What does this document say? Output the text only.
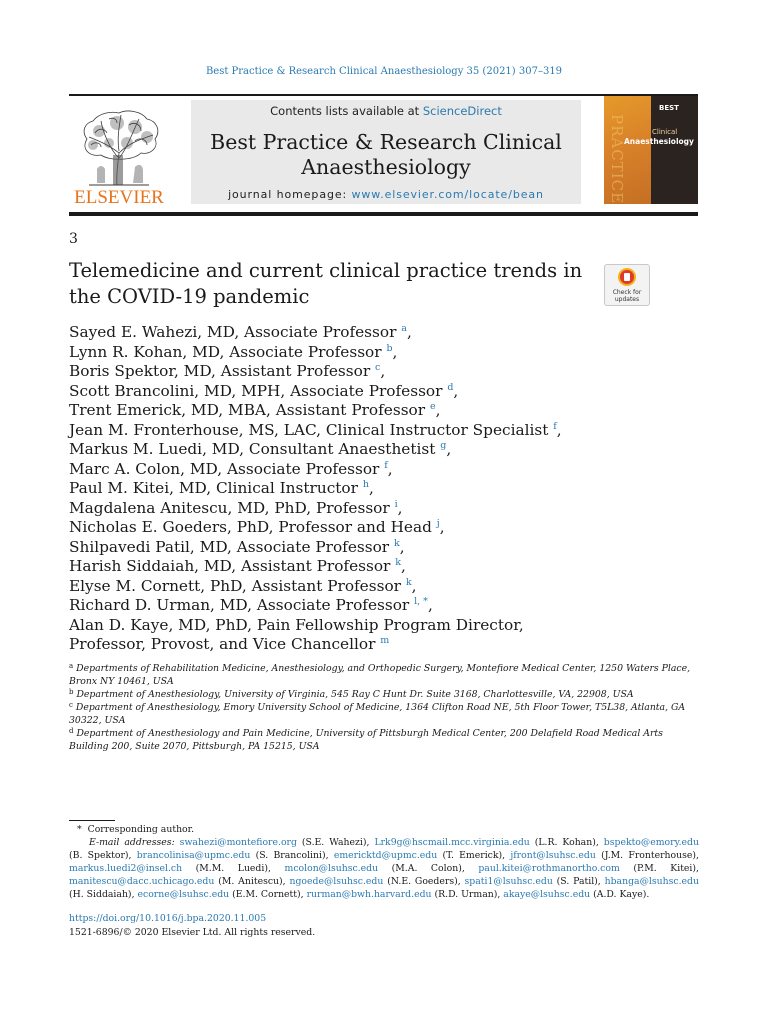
Best Practice & Research Clinical Anaesthesiology 35 (2021) 307–319
ELSEVIER
Contents lists available at ScienceDirect
Best Practice & Research Clinical Anaesthesiology
journal homepage: www.elsevier.com/locate/bean
BEST
PRACTICE	Clinical
Anaesthesiology
3
Telemedicine and current clinical practice trends in the COVID-19 pandemic	Check for updates
Sayed E. Wahezi, MD, Associate Professor $^a$,
Lynn R. Kohan, MD, Associate Professor $^b$,
Boris Spektor, MD, Assistant Professor $^c$,
Scott Brancolini, MD, MPH, Associate Professor $^d$,
Trent Emerick, MD, MBA, Assistant Professor $^e$,
Jean M. Fronterhouse, MS, LAC, Clinical Instructor Specialist $^f$,
Markus M. Luedi, MD, Consultant Anaesthetist $^g$,
Marc A. Colon, MD, Associate Professor $^f$,
Paul M. Kitei, MD, Clinical Instructor $^h$,
Magdalena Anitescu, MD, PhD, Professor $^i$,
Nicholas E. Goeders, PhD, Professor and Head $^j$,
Shilpavedi Patil, MD, Associate Professor $^k$,
Harish Siddaiah, MD, Assistant Professor $^k$,
Elyse M. Cornett, PhD, Assistant Professor $^k$,
Richard D. Urman, MD, Associate Professor $^{l, *}$,
Alan D. Kaye, MD, PhD, Pain Fellowship Program Director,
Professor, Provost, and Vice Chancellor $^m$
$^a$ Departments of Rehabilitation Medicine, Anesthesiology, and Orthopedic Surgery, Montefiore Medical Center, 1250 Waters Place, Bronx NY 10461, USA
$^b$ Department of Anesthesiology, University of Virginia, 545 Ray C Hunt Dr. Suite 3168, Charlottesville, VA, 22908, USA
$^c$ Department of Anesthesiology, Emory University School of Medicine, 1364 Clifton Road NE, 5th Floor Tower, T5L38, Atlanta, GA 30322, USA
$^d$ Department of Anesthesiology and Pain Medicine, University of Pittsburgh Medical Center, 200 Delafield Road Medical Arts Building 200, Suite 2070, Pittsburgh, PA 15215, USA
* Corresponding author.
E-mail addresses: swahezi@montefiore.org (S.E. Wahezi), Lrk9g@hscmail.mcc.virginia.edu (L.R. Kohan), bspekto@emory.edu (B. Spektor), brancolinisa@upmc.edu (S. Brancolini), emericktd@upmc.edu (T. Emerick), jfront@lsuhsc.edu (J.M. Fronterhouse), markus.luedi2@insel.ch (M.M. Luedi), mcolon@lsuhsc.edu (M.A. Colon), paul.kitei@rothmanortho.com (P.M. Kitei), manitescu@dacc.uchicago.edu (M. Anitescu), ngoede@lsuhsc.edu (N.E. Goeders), spati1@lsuhsc.edu (S. Patil), hbanga@lsuhsc.edu (H. Siddaiah), ecorne@lsuhsc.edu (E.M. Cornett), rurman@bwh.harvard.edu (R.D. Urman), akaye@lsuhsc.edu (A.D. Kaye).
https://doi.org/10.1016/j.bpa.2020.11.005
1521-6896/© 2020 Elsevier Ltd. All rights reserved.
